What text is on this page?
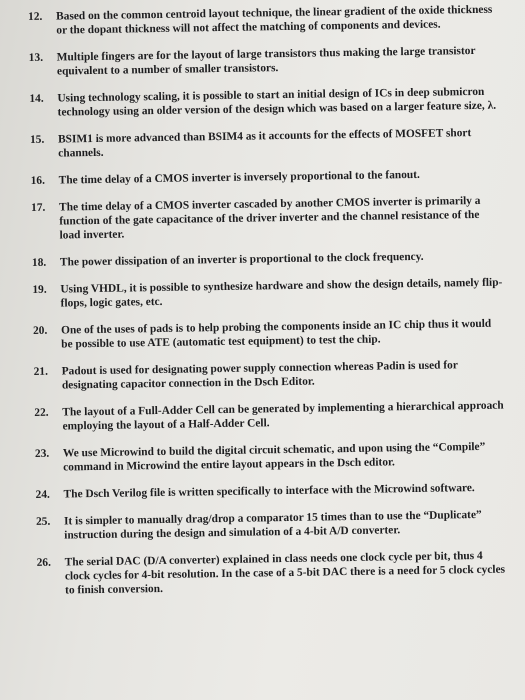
12.	Based on the common centroid layout technique, the linear gradient of the oxide thickness or the dopant thickness will not affect the matching of components and devices.
13.	Multiple fingers are for the layout of large transistors thus making the large transistor equivalent to a number of smaller transistors.
14.	Using technology scaling, it is possible to start an initial design of ICs in deep submicron technology using an older version of the design which was based on a larger feature size, λ.
15.	BSIM1 is more advanced than BSIM4 as it accounts for the effects of MOSFET short channels.
16.	The time delay of a CMOS inverter is inversely proportional to the fanout.
17.	The time delay of a CMOS inverter cascaded by another CMOS inverter is primarily a function of the gate capacitance of the driver inverter and the channel resistance of the load inverter.
18.	The power dissipation of an inverter is proportional to the clock frequency.
19.	Using VHDL, it is possible to synthesize hardware and show the design details, namely flip-flops, logic gates, etc.
20.	One of the uses of pads is to help probing the components inside an IC chip thus it would be possible to use ATE (automatic test equipment) to test the chip.
21.	Padout is used for designating power supply connection whereas Padin is used for designating capacitor connection in the Dsch Editor.
22.	The layout of a Full-Adder Cell can be generated by implementing a hierarchical approach employing the layout of a Half-Adder Cell.
23.	We use Microwind to build the digital circuit schematic, and upon using the “Compile” command in Microwind the entire layout appears in the Dsch editor.
24.	The Dsch Verilog file is written specifically to interface with the Microwind software.
25.	It is simpler to manually drag/drop a comparator 15 times than to use the “Duplicate” instruction during the design and simulation of a 4-bit A/D converter.
26.	The serial DAC (D/A converter) explained in class needs one clock cycle per bit, thus 4 clock cycles for 4-bit resolution. In the case of a 5-bit DAC there is a need for 5 clock cycles to finish conversion.
